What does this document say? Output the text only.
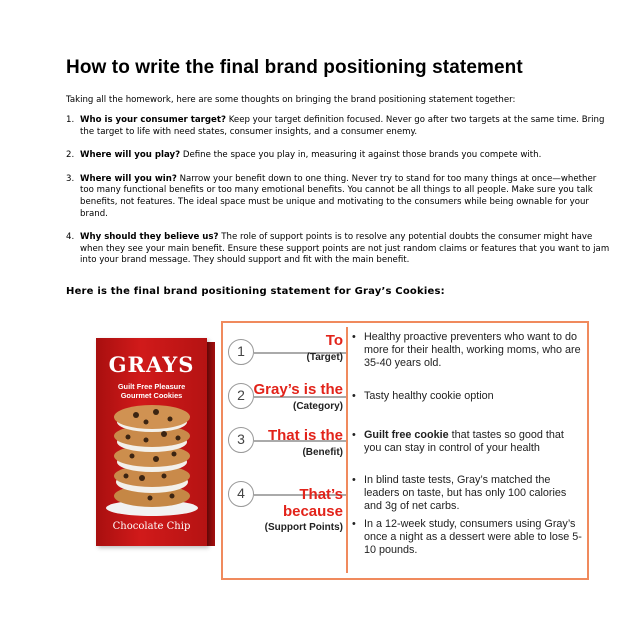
How to write the final brand positioning statement
Taking all the homework, here are some thoughts on bringing the brand positioning statement together:
1. Who is your consumer target? Keep your target definition focused. Never go after two targets at the same time. Bring the target to life with need states, consumer insights, and a consumer enemy.
2. Where will you play? Define the space you play in, measuring it against those brands you compete with.
3. Where will you win? Narrow your benefit down to one thing. Never try to stand for too many things at once—whether too many functional benefits or too many emotional benefits. You cannot be all things to all people. Make sure you talk benefits, not features. The ideal space must be unique and motivating to the consumers while being ownable for your brand.
4. Why should they believe us? The role of support points is to resolve any potential doubts the consumer might have when they see your main benefit. Ensure these support points are not just random claims or features that you want to jam into your brand message. They should support and fit with the main benefit.
Here is the final brand positioning statement for Gray’s Cookies:
GRAYS
Guilt Free Pleasure
Gourmet Cookies
Chocolate Chip
1
To
(Target)
• Healthy proactive preventers who want to do more for their health, working moms, who are 35-40 years old.
2 Gray’s is the
(Category)
• Tasty healthy cookie option
3	That is the
(Benefit)
• Guilt free cookie that tastes so good that you can stay in control of your health
4	That’s
because
(Support Points)
• In blind taste tests, Gray’s matched the leaders on taste, but has only 100 calories and 3g of net carbs.
• In a 12-week study, consumers using Gray’s once a night as a dessert were able to lose 5-10 pounds.
